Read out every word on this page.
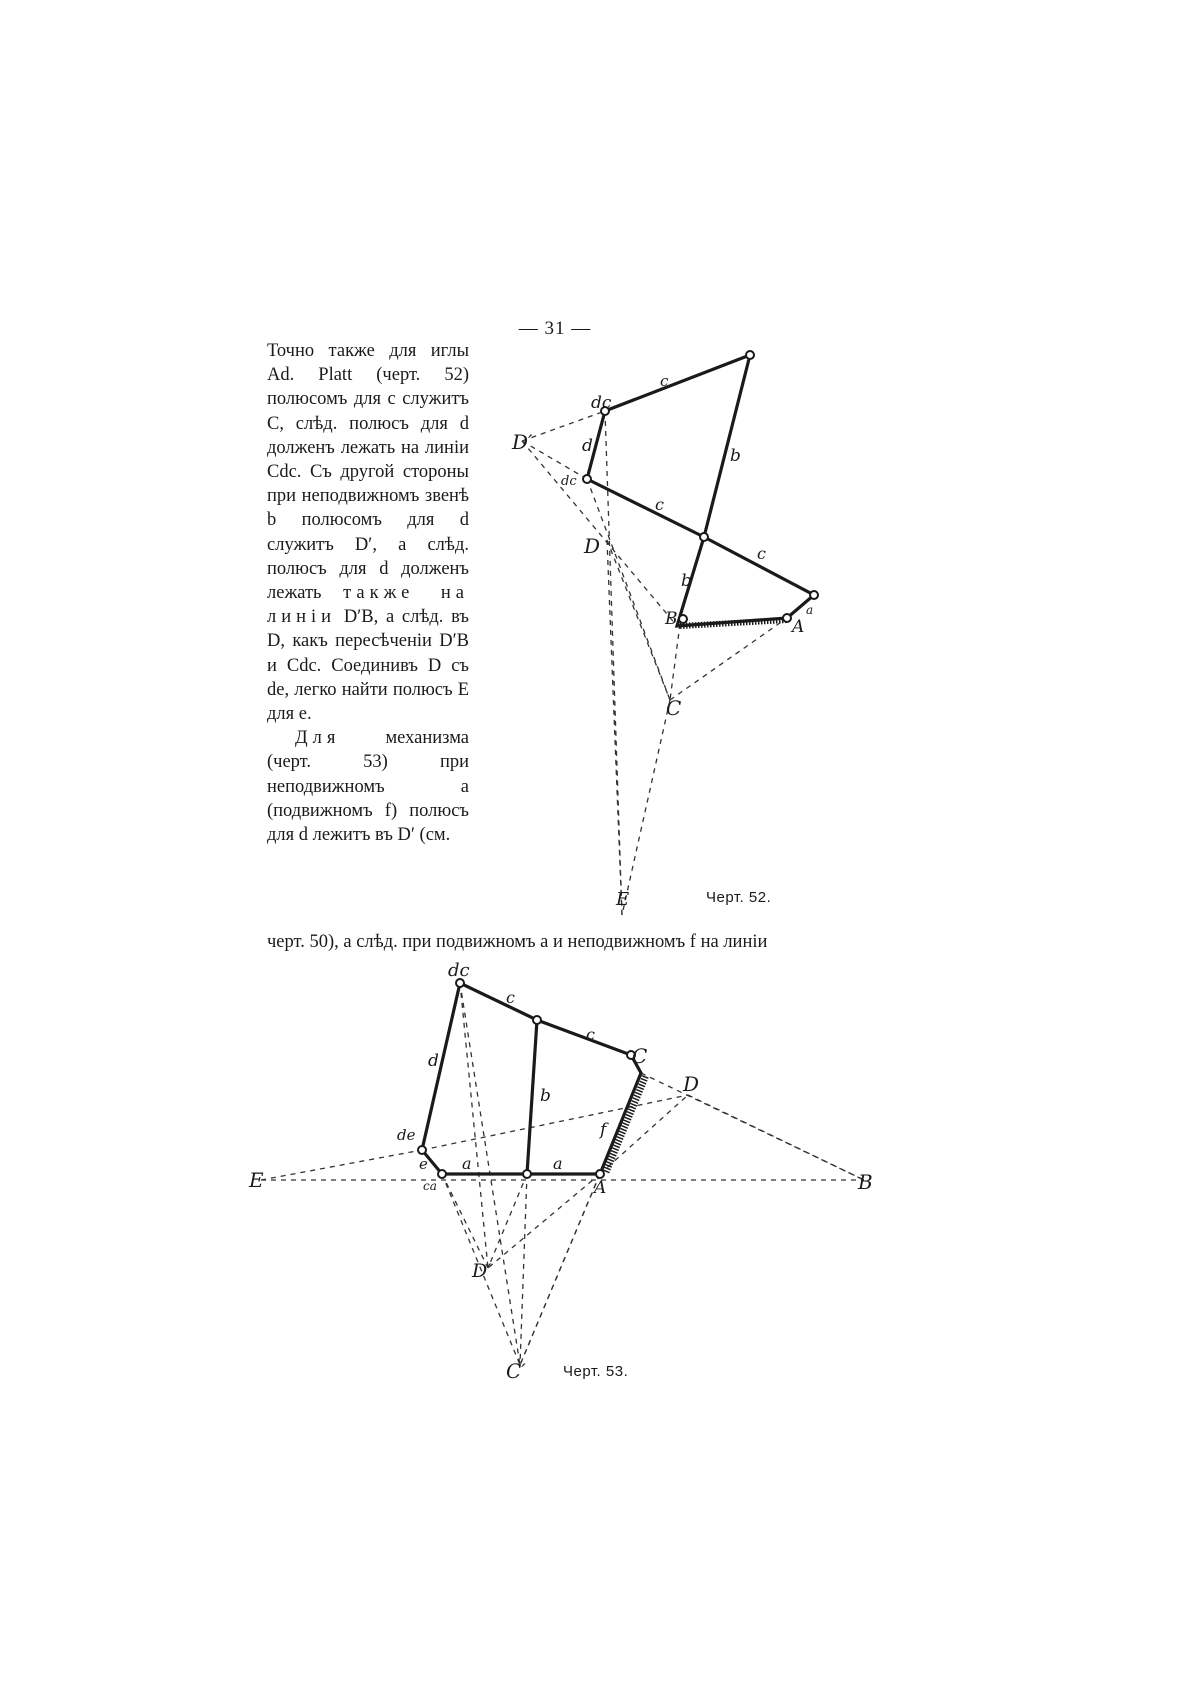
— 31 —

Точно также для иглы Ad. Platt (черт. 52) полюсомъ для c служитъ C, слѣд. полюсъ для d долженъ лежать на линіи Cdc. Съ другой стороны при неподвижномъ звенѣ b полюсомъ для d служитъ D′, а слѣд. полюсъ для d долженъ лежать также на линіи D′B, а слѣд. въ D, какъ пересѣченіи D′B и Cdc. Соединивъ D съ de, легко найти полюсъ E для e.

Для механизма (черт. 53) при неподвижномъ a (подвижномъ f) полюсъ для d лежитъ въ D′ (см.

черт. 50), а слѣд. при подвижномъ a и неподвижномъ f на линіи
dc
c
D′	d
dc
b
c
D	c
b
a
B	A
C
E	Черт. 52.
dc
c
c
C
d
b	D
f
de
e a	a
E	ca	A	B
D′
C′ Черт. 53.
